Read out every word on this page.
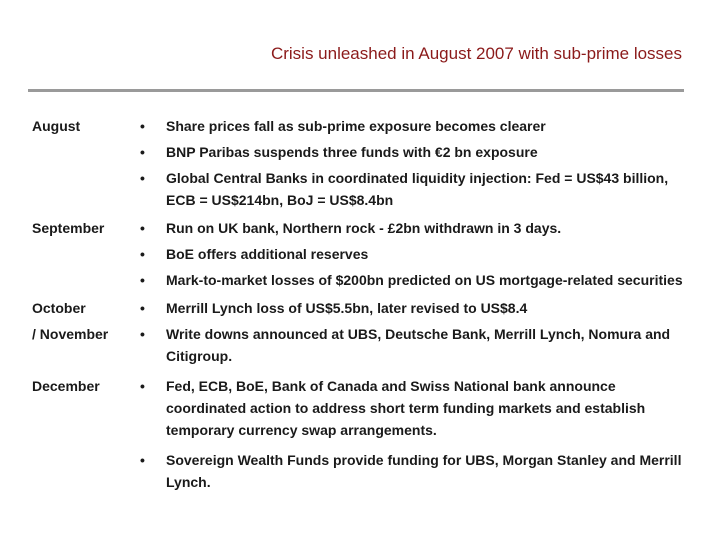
Crisis unleashed in August 2007 with sub-prime losses
August	• Share prices fall as sub-prime exposure becomes clearer
• BNP Paribas suspends three funds with €2 bn exposure
• Global Central Banks in coordinated liquidity injection: Fed = US$43 billion, ECB = US$214bn, BoJ = US$8.4bn
September	• Run on UK bank, Northern rock - £2bn withdrawn in 3 days.
• BoE offers additional reserves
• Mark-to-market losses of $200bn predicted on US mortgage-related securities
October	• Merrill Lynch loss of US$5.5bn, later revised to US$8.4
/ November • Write downs announced at UBS, Deutsche Bank, Merrill Lynch, Nomura and Citigroup.
December	• Fed, ECB, BoE, Bank of Canada and Swiss National bank announce coordinated action to address short term funding markets and establish temporary currency swap arrangements.
• Sovereign Wealth Funds provide funding for UBS, Morgan Stanley and Merrill Lynch.
